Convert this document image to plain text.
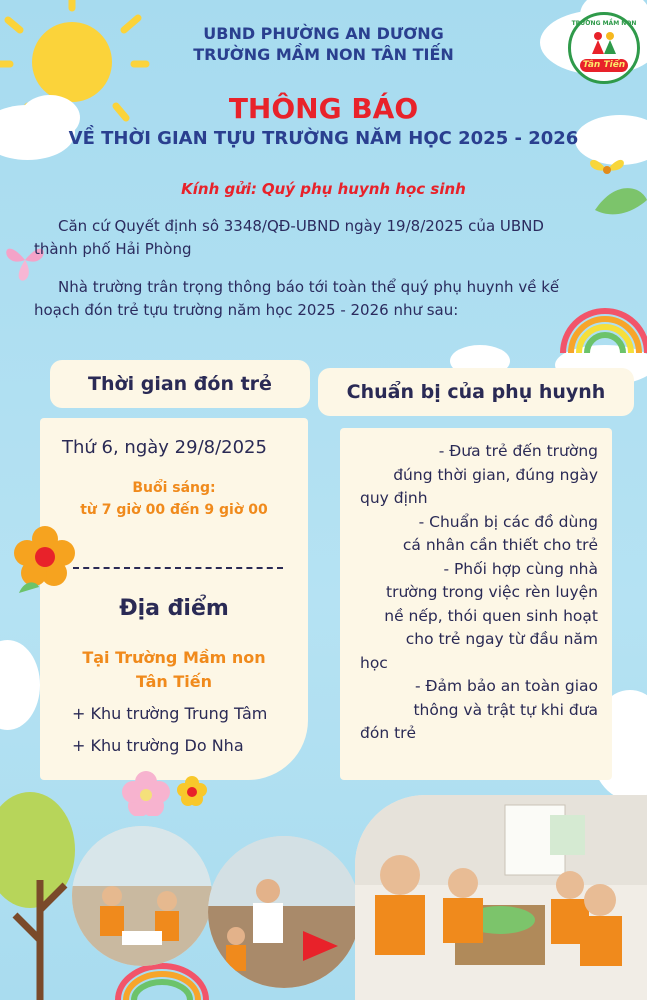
TRƯỜNG MẦM NON
Tân Tiến
UBND PHƯỜNG AN DƯƠNG
TRƯỜNG MẦM NON TÂN TIẾN
THÔNG BÁO
VỀ THỜI GIAN TỰU TRƯỜNG NĂM HỌC 2025 - 2026
Kính gửi: Quý phụ huynh học sinh
Căn cứ Quyết định sô 3348/QĐ-UBND ngày 19/8/2025 của UBND
thành phố Hải Phòng
Nhà trường trân trọng thông báo tới toàn thể quý phụ huynh về kế
hoạch đón trẻ tựu trường năm học 2025 - 2026 như sau:
Thời gian đón trẻ
Thứ 6, ngày 29/8/2025
Buổi sáng:
từ 7 giờ 00 đến 9 giờ 00
Địa điểm
Tại Trường Mầm non
Tân Tiến
+ Khu trường Trung Tâm
+ Khu trường Do Nha
Chuẩn bị của phụ huynh

- Đưa trẻ đến trường

đúng thời gian, đúng ngày

quy định

- Chuẩn bị các đồ dùng

cá nhân cần thiết cho trẻ

- Phối hợp cùng nhà

trường trong việc rèn luyện

nề nếp, thói quen sinh hoạt

cho trẻ ngay từ đầu năm

học

- Đảm bảo an toàn giao

thông và trật tự khi đưa

đón trẻ
